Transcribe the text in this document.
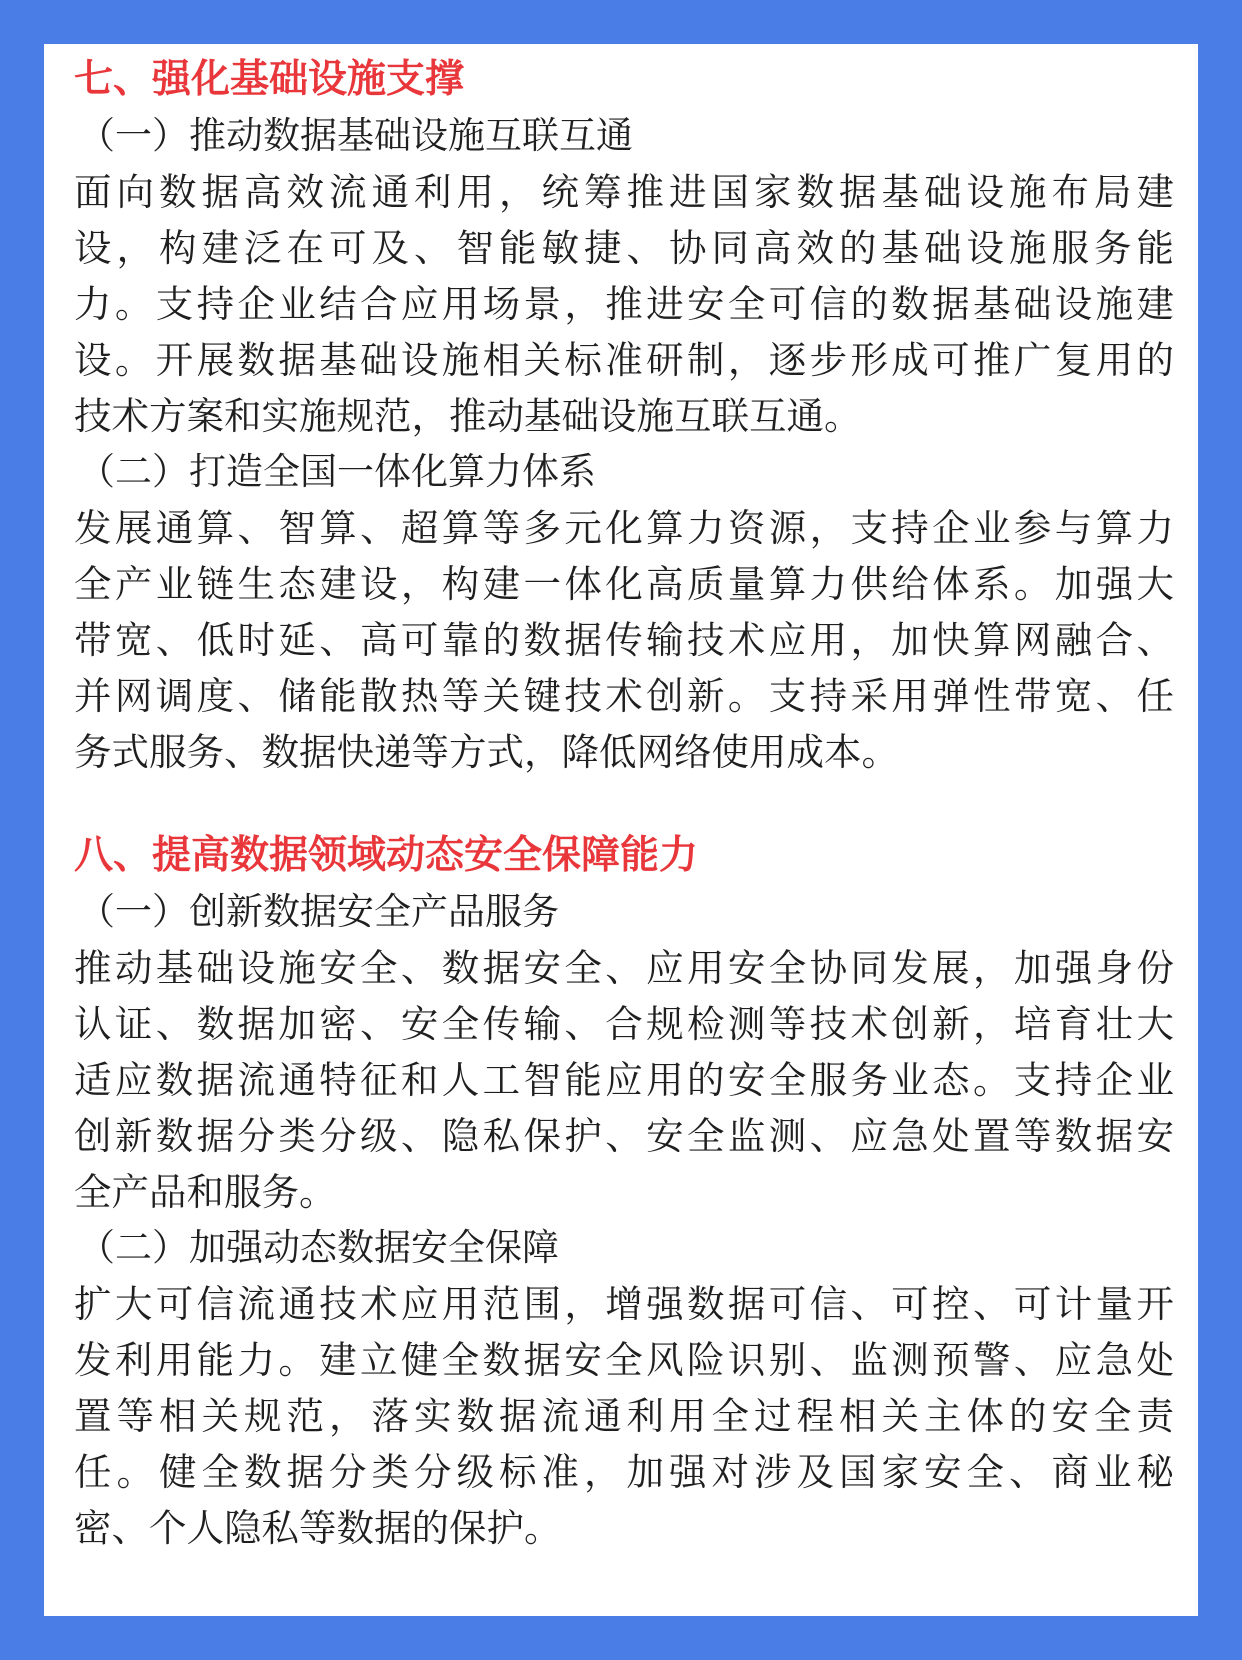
七、强化基础设施支撑
（一）推动数据基础设施互联互通
面向数据高效流通利用，统筹推进国家数据基础设施布局建
设，构建泛在可及、智能敏捷、协同高效的基础设施服务能
力。支持企业结合应用场景，推进安全可信的数据基础设施建
设。开展数据基础设施相关标准研制，逐步形成可推广复用的
技术方案和实施规范，推动基础设施互联互通。
（二）打造全国一体化算力体系
发展通算、智算、超算等多元化算力资源，支持企业参与算力
全产业链生态建设，构建一体化高质量算力供给体系。加强大
带宽、低时延、高可靠的数据传输技术应用，加快算网融合、
并网调度、储能散热等关键技术创新。支持采用弹性带宽、任
务式服务、数据快递等方式，降低网络使用成本。
八、提高数据领域动态安全保障能力
（一）创新数据安全产品服务
推动基础设施安全、数据安全、应用安全协同发展，加强身份
认证、数据加密、安全传输、合规检测等技术创新，培育壮大
适应数据流通特征和人工智能应用的安全服务业态。支持企业
创新数据分类分级、隐私保护、安全监测、应急处置等数据安
全产品和服务。
（二）加强动态数据安全保障
扩大可信流通技术应用范围，增强数据可信、可控、可计量开
发利用能力。建立健全数据安全风险识别、监测预警、应急处
置等相关规范，落实数据流通利用全过程相关主体的安全责
任。健全数据分类分级标准，加强对涉及国家安全、商业秘
密、个人隐私等数据的保护。
